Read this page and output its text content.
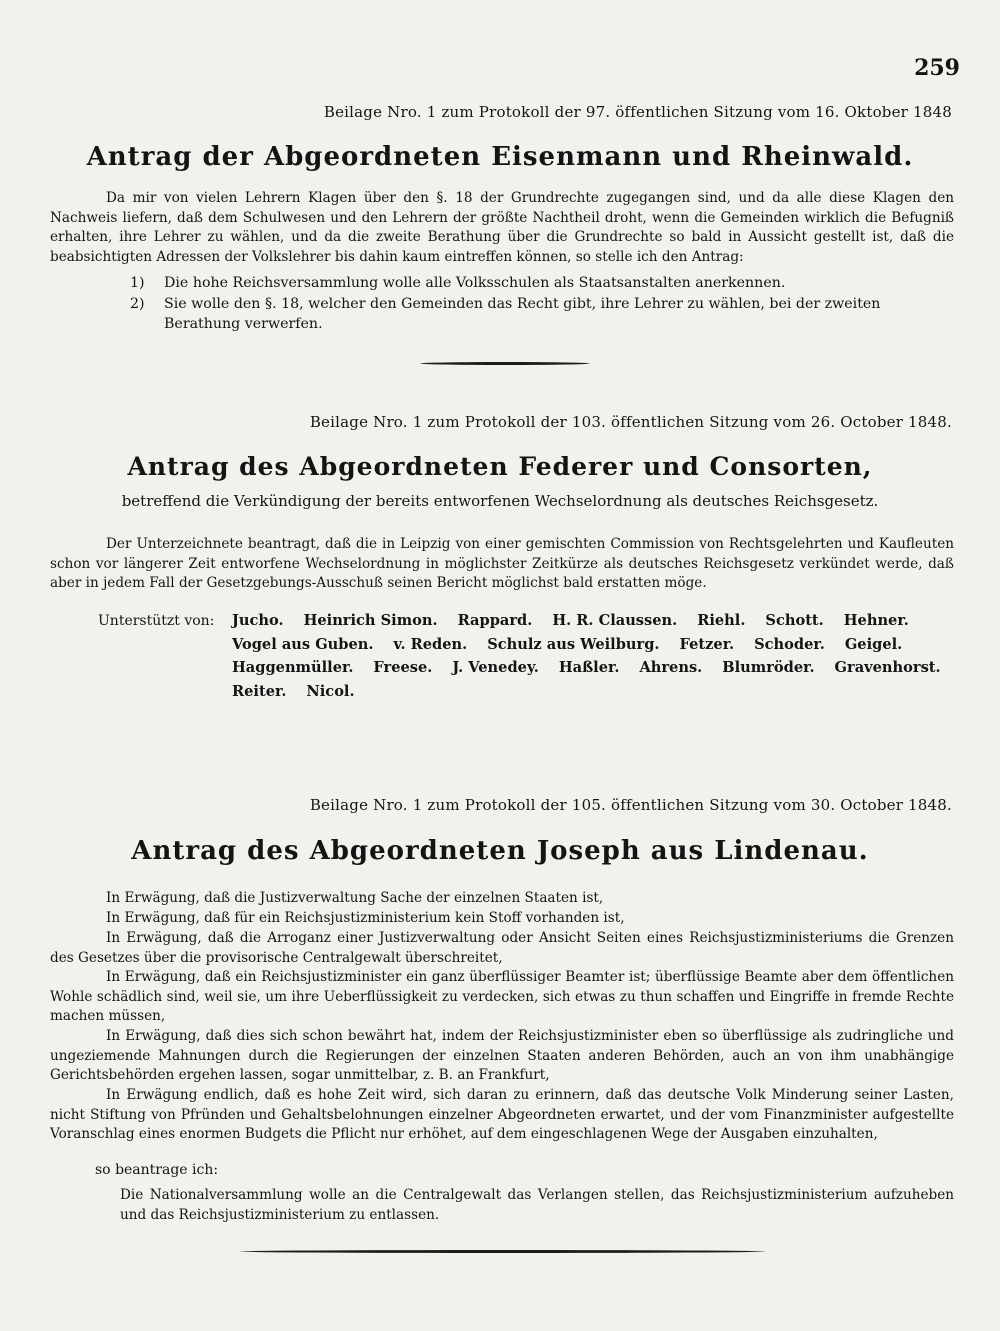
259
Beilage Nro. 1 zum Protokoll der 97. öffentlichen Sitzung vom 16. Oktober 1848
Antrag der Abgeordneten Eisenmann und Rheinwald.
Da mir von vielen Lehrern Klagen über den §. 18 der Grundrechte zugegangen sind, und da alle diese Klagen den Nachweis liefern, daß dem Schulwesen und den Lehrern der größte Nachtheil droht, wenn die Gemeinden wirklich die Befugniß erhalten, ihre Lehrer zu wählen, und da die zweite Berathung über die Grundrechte so bald in Aussicht gestellt ist, daß die beabsichtigten Adressen der Volkslehrer bis dahin kaum eintreffen können, so stelle ich den Antrag:
1) Die hohe Reichsversammlung wolle alle Volksschulen als Staatsanstalten anerkennen.
2) Sie wolle den §. 18, welcher den Gemeinden das Recht gibt, ihre Lehrer zu wählen, bei der zweiten Berathung verwerfen.
Beilage Nro. 1 zum Protokoll der 103. öffentlichen Sitzung vom 26. October 1848.
Antrag des Abgeordneten Federer und Consorten,
betreffend die Verkündigung der bereits entworfenen Wechselordnung als deutsches Reichsgesetz.
Der Unterzeichnete beantragt, daß die in Leipzig von einer gemischten Commission von Rechtsgelehrten und Kaufleuten schon vor längerer Zeit entworfene Wechselordnung in möglichster Zeitkürze als deutsches Reichsgesetz verkündet werde, daß aber in jedem Fall der Gesetzgebungs-Ausschuß seinen Bericht möglichst bald erstatten möge.
Unterstützt von: Jucho. Heinrich Simon. Rappard. H. R. Claussen. Riehl. Schott. Hehner.
Vogel aus Guben. v. Reden. Schulz aus Weilburg. Fetzer. Schoder. Geigel.
Haggenmüller. Freese. J. Venedey. Haßler. Ahrens. Blumröder. Gravenhorst.
Reiter. Nicol.
Beilage Nro. 1 zum Protokoll der 105. öffentlichen Sitzung vom 30. October 1848.
Antrag des Abgeordneten Joseph aus Lindenau.
In Erwägung, daß die Justizverwaltung Sache der einzelnen Staaten ist,
In Erwägung, daß für ein Reichsjustizministerium kein Stoff vorhanden ist,
In Erwägung, daß die Arroganz einer Justizverwaltung oder Ansicht Seiten eines Reichsjustizministeriums die Grenzen des Gesetzes über die provisorische Centralgewalt überschreitet,
In Erwägung, daß ein Reichsjustizminister ein ganz überflüssiger Beamter ist; überflüssige Beamte aber dem öffentlichen Wohle schädlich sind, weil sie, um ihre Ueberflüssigkeit zu verdecken, sich etwas zu thun schaffen und Eingriffe in fremde Rechte machen müssen,
In Erwägung, daß dies sich schon bewährt hat, indem der Reichsjustizminister eben so überflüssige als zudringliche und ungeziemende Mahnungen durch die Regierungen der einzelnen Staaten anderen Behörden, auch an von ihm unabhängige Gerichtsbehörden ergehen lassen, sogar unmittelbar, z. B. an Frankfurt,
In Erwägung endlich, daß es hohe Zeit wird, sich daran zu erinnern, daß das deutsche Volk Minderung seiner Lasten, nicht Stiftung von Pfründen und Gehaltsbelohnungen einzelner Abgeordneten erwartet, und der vom Finanzminister aufgestellte Voranschlag eines enormen Budgets die Pflicht nur erhöhet, auf dem eingeschlagenen Wege der Ausgaben einzuhalten,
so beantrage ich:
Die Nationalversammlung wolle an die Centralgewalt das Verlangen stellen, das Reichsjustizministerium aufzuheben und das Reichsjustizministerium zu entlassen.
